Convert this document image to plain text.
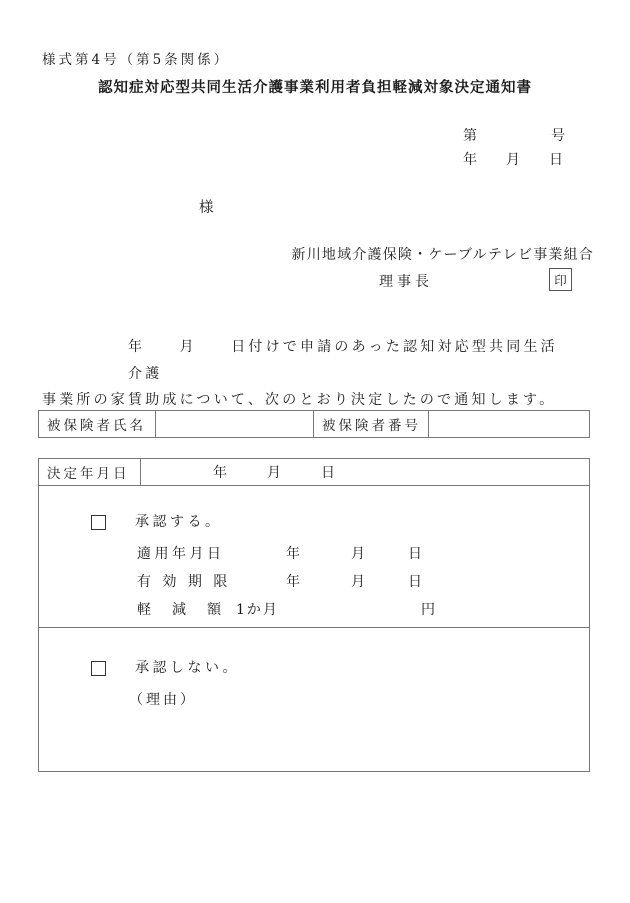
様式第4号（第5条関係）
認知症対応型共同生活介護事業利用者負担軽減対象決定通知書
第	号
年 月 日
様
新川地域介護保険・ケーブルテレビ事業組合
理事長	印
年　　月　　日付けで申請のあった認知対応型共同生活介護
事業所の家賃助成について、次のとおり決定したので通知します。
被保険者氏名	被保険者番号
決定年月日	年　　月　　日
承認する。
適用年月日	年	月	日
有 効 期 限	年	月	日
軽　減　額 1か月	円
承認しない。
（理由）
